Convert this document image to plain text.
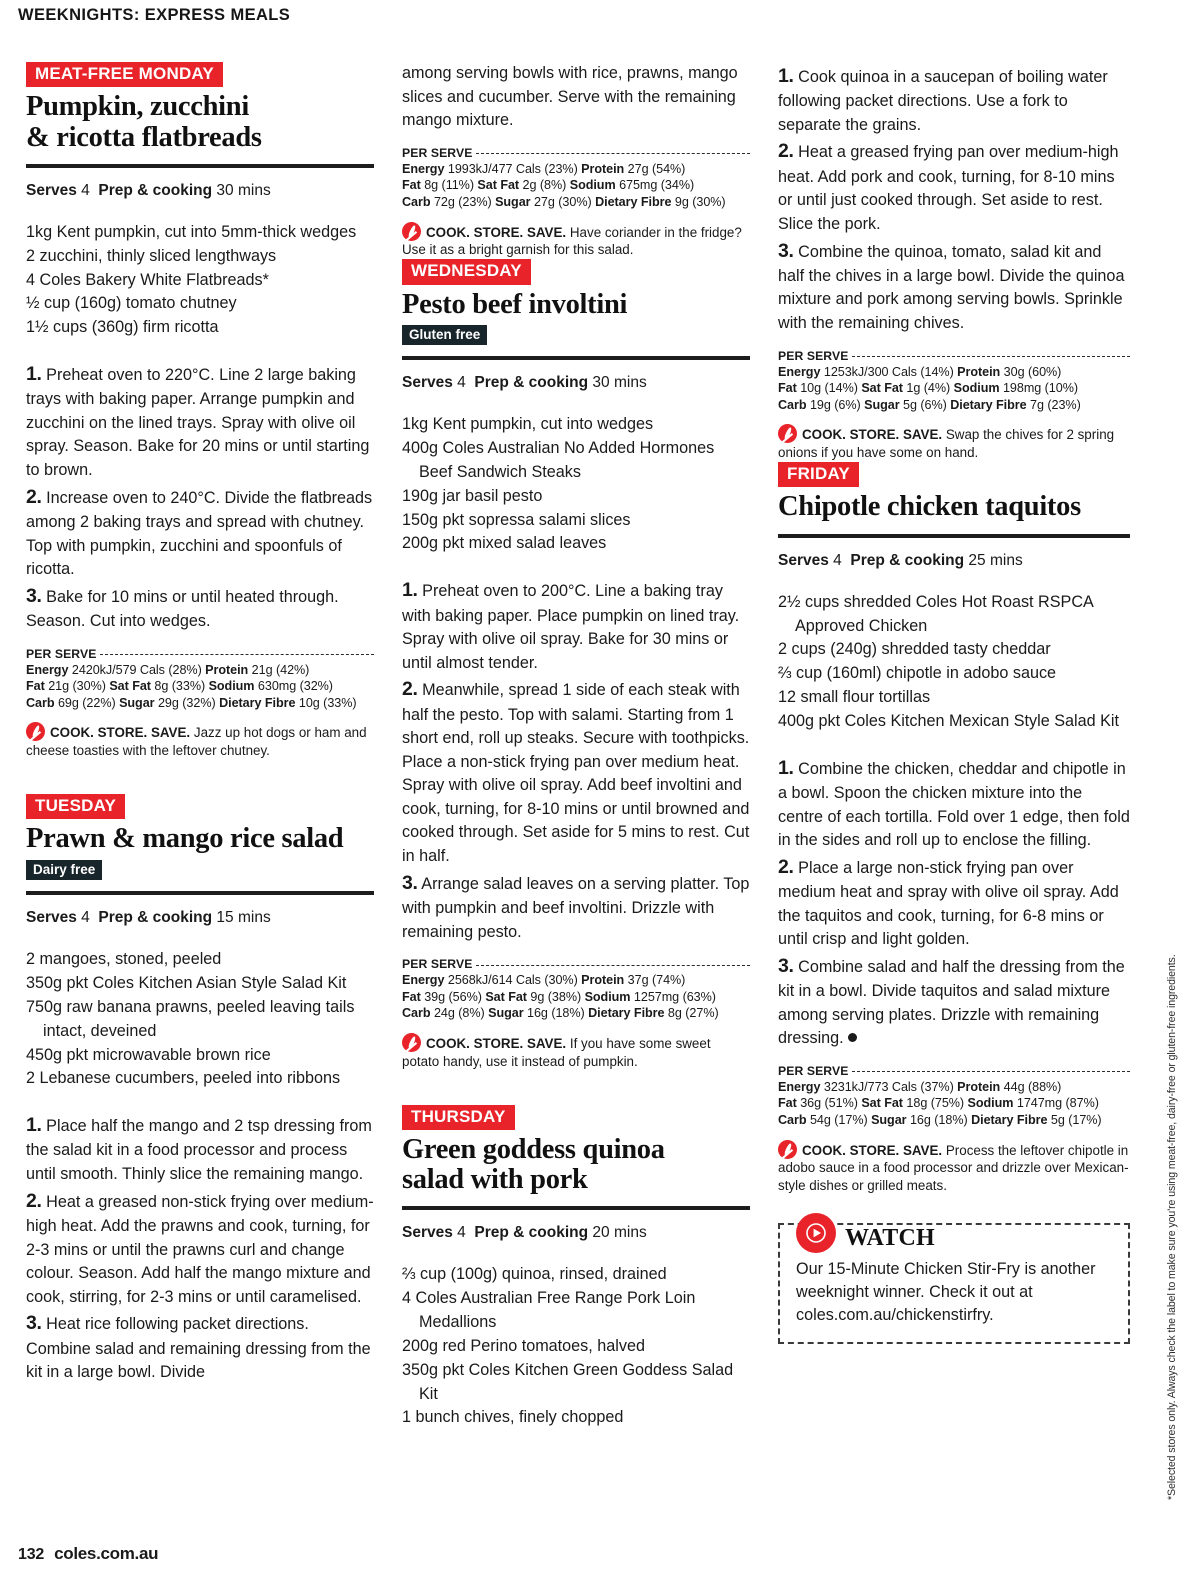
WEEKNIGHTS: EXPRESS MEALS
MEAT-FREE MONDAY
Pumpkin, zucchini
& ricotta flatbreads
Serves 4 Prep & cooking 30 mins
1kg Kent pumpkin, cut into 5mm-thick wedges
2 zucchini, thinly sliced lengthways
4 Coles Bakery White Flatbreads*
½ cup (160g) tomato chutney
1½ cups (360g) firm ricotta

1. Preheat oven to 220°C. Line 2 large baking trays with baking paper. Arrange pumpkin and zucchini on the lined trays. Spray with olive oil spray. Season. Bake for 20 mins or until starting to brown.

2. Increase oven to 240°C. Divide the flatbreads among 2 baking trays and spread with chutney. Top with pumpkin, zucchini and spoonfuls of ricotta.

3. Bake for 10 mins or until heated through. Season. Cut into wedges.

PER SERVE
Energy 2420kJ/579 Cals (28%) Protein 21g (42%)
Fat 21g (30%) Sat Fat 8g (33%) Sodium 630mg (32%)
Carb 69g (22%) Sugar 29g (32%) Dietary Fibre 10g (33%)
COOK. STORE. SAVE. Jazz up hot dogs or ham and cheese toasties with the leftover chutney.
TUESDAY
Prawn & mango rice salad
Dairy free
Serves 4 Prep & cooking 15 mins
2 mangoes, stoned, peeled
350g pkt Coles Kitchen Asian Style Salad Kit
750g raw banana prawns, peeled leaving tails intact, deveined
450g pkt microwavable brown rice
2 Lebanese cucumbers, peeled into ribbons

1. Place half the mango and 2 tsp dressing from the salad kit in a food processor and process until smooth. Thinly slice the remaining mango.

2. Heat a greased non-stick frying over medium-high heat. Add the prawns and cook, turning, for 2-3 mins or until the prawns curl and change colour. Season. Add half the mango mixture and cook, stirring, for 2-3 mins or until caramelised.

3. Heat rice following packet directions. Combine salad and remaining dressing from the kit in a large bowl. Divide

among serving bowls with rice, prawns, mango slices and cucumber. Serve with the remaining mango mixture.
PER SERVE
Energy 1993kJ/477 Cals (23%) Protein 27g (54%)
Fat 8g (11%) Sat Fat 2g (8%) Sodium 675mg (34%)
Carb 72g (23%) Sugar 27g (30%) Dietary Fibre 9g (30%)
COOK. STORE. SAVE. Have coriander in the fridge? Use it as a bright garnish for this salad.
WEDNESDAY
Pesto beef involtini
Gluten free
Serves 4 Prep & cooking 30 mins
1kg Kent pumpkin, cut into wedges
400g Coles Australian No Added Hormones Beef Sandwich Steaks
190g jar basil pesto
150g pkt sopressa salami slices
200g pkt mixed salad leaves

1. Preheat oven to 200°C. Line a baking tray with baking paper. Place pumpkin on lined tray. Spray with olive oil spray. Bake for 30 mins or until almost tender.

2. Meanwhile, spread 1 side of each steak with half the pesto. Top with salami. Starting from 1 short end, roll up steaks. Secure with toothpicks. Place a non-stick frying pan over medium heat. Spray with olive oil spray. Add beef involtini and cook, turning, for 8-10 mins or until browned and cooked through. Set aside for 5 mins to rest. Cut in half.

3. Arrange salad leaves on a serving platter. Top with pumpkin and beef involtini. Drizzle with remaining pesto.

PER SERVE
Energy 2568kJ/614 Cals (30%) Protein 37g (74%)
Fat 39g (56%) Sat Fat 9g (38%) Sodium 1257mg (63%)
Carb 24g (8%) Sugar 16g (18%) Dietary Fibre 8g (27%)
COOK. STORE. SAVE. If you have some sweet potato handy, use it instead of pumpkin.
THURSDAY
Green goddess quinoa
salad with pork
Serves 4 Prep & cooking 20 mins
⅔ cup (100g) quinoa, rinsed, drained
4 Coles Australian Free Range Pork Loin Medallions
200g red Perino tomatoes, halved
350g pkt Coles Kitchen Green Goddess Salad Kit
1 bunch chives, finely chopped

1. Cook quinoa in a saucepan of boiling water following packet directions. Use a fork to separate the grains.

2. Heat a greased frying pan over medium-high heat. Add pork and cook, turning, for 8-10 mins or until just cooked through. Set aside to rest. Slice the pork.

3. Combine the quinoa, tomato, salad kit and half the chives in a large bowl. Divide the quinoa mixture and pork among serving bowls. Sprinkle with the remaining chives.

PER SERVE
Energy 1253kJ/300 Cals (14%) Protein 30g (60%)
Fat 10g (14%) Sat Fat 1g (4%) Sodium 198mg (10%)
Carb 19g (6%) Sugar 5g (6%) Dietary Fibre 7g (23%)
COOK. STORE. SAVE. Swap the chives for 2 spring onions if you have some on hand.
FRIDAY
Chipotle chicken taquitos
Serves 4 Prep & cooking 25 mins
2½ cups shredded Coles Hot Roast RSPCA Approved Chicken
2 cups (240g) shredded tasty cheddar
⅔ cup (160ml) chipotle in adobo sauce
12 small flour tortillas
400g pkt Coles Kitchen Mexican Style Salad Kit

1. Combine the chicken, cheddar and chipotle in a bowl. Spoon the chicken mixture into the centre of each tortilla. Fold over 1 edge, then fold in the sides and roll up to enclose the filling.

2. Place a large non-stick frying pan over medium heat and spray with olive oil spray. Add the taquitos and cook, turning, for 6-8 mins or until crisp and light golden.

3. Combine salad and half the dressing from the kit in a bowl. Divide taquitos and salad mixture among serving plates. Drizzle with remaining dressing.

PER SERVE
Energy 3231kJ/773 Cals (37%) Protein 44g (88%)
Fat 36g (51%) Sat Fat 18g (75%) Sodium 1747mg (87%)
Carb 54g (17%) Sugar 16g (18%) Dietary Fibre 5g (17%)
COOK. STORE. SAVE. Process the leftover chipotle in adobo sauce in a food processor and drizzle over Mexican-style dishes or grilled meats.
WATCH
Our 15-Minute Chicken Stir-Fry is another weeknight winner. Check it out at coles.com.au/chickenstirfry.	*Selected stores only. Always check the label to make sure you're using meat-free, dairy-free or gluten-free ingredients.
132 coles.com.au
